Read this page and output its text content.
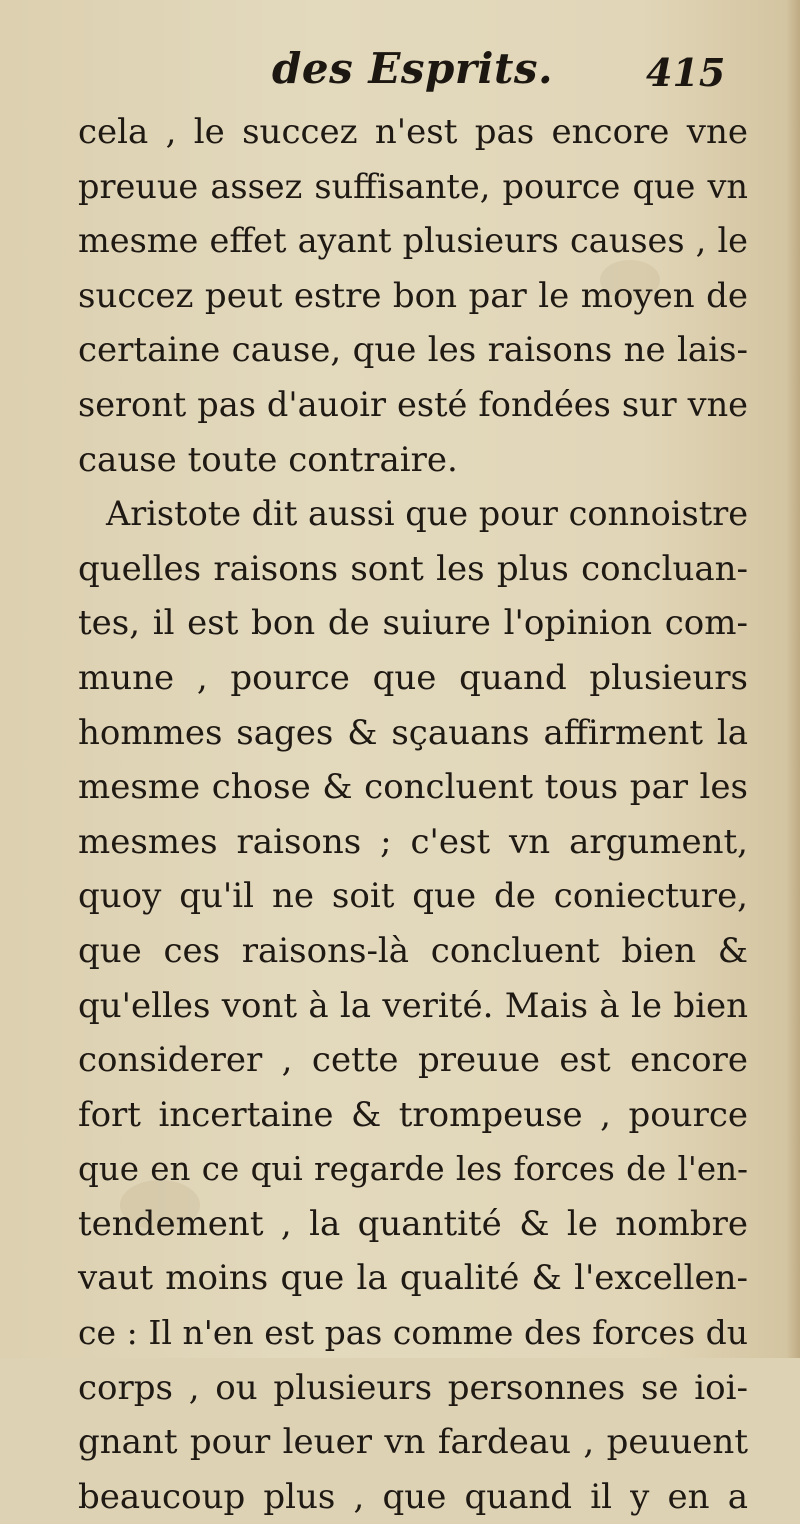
des Esprits. 415
cela , le succez n'est pas encore vne
preuue assez suffisante, pource que vn
mesme effet ayant plusieurs causes , le
succez peut estre bon par le moyen de
certaine cause, que les raisons ne lais-
seront pas d'auoir esté fondées sur vne
cause toute contraire.
Aristote dit aussi que pour connoistre
quelles raisons sont les plus concluan-
tes, il est bon de suiure l'opinion com-
mune , pource que quand plusieurs
hommes sages & sçauans affirment la
mesme chose & concluent tous par les
mesmes raisons ; c'est vn argument,
quoy qu'il ne soit que de coniecture,
que ces raisons-là concluent bien &
qu'elles vont à la verité. Mais à le bien
considerer , cette preuue est encore
fort incertaine & trompeuse , pource
que en ce qui regarde les forces de l'en-
tendement , la quantité & le nombre
vaut moins que la qualité & l'excellen-
ce : Il n'en est pas comme des forces du
corps , ou plusieurs personnes se ioi-
gnant pour leuer vn fardeau , peuuent
beaucoup plus , que quand il y en a
